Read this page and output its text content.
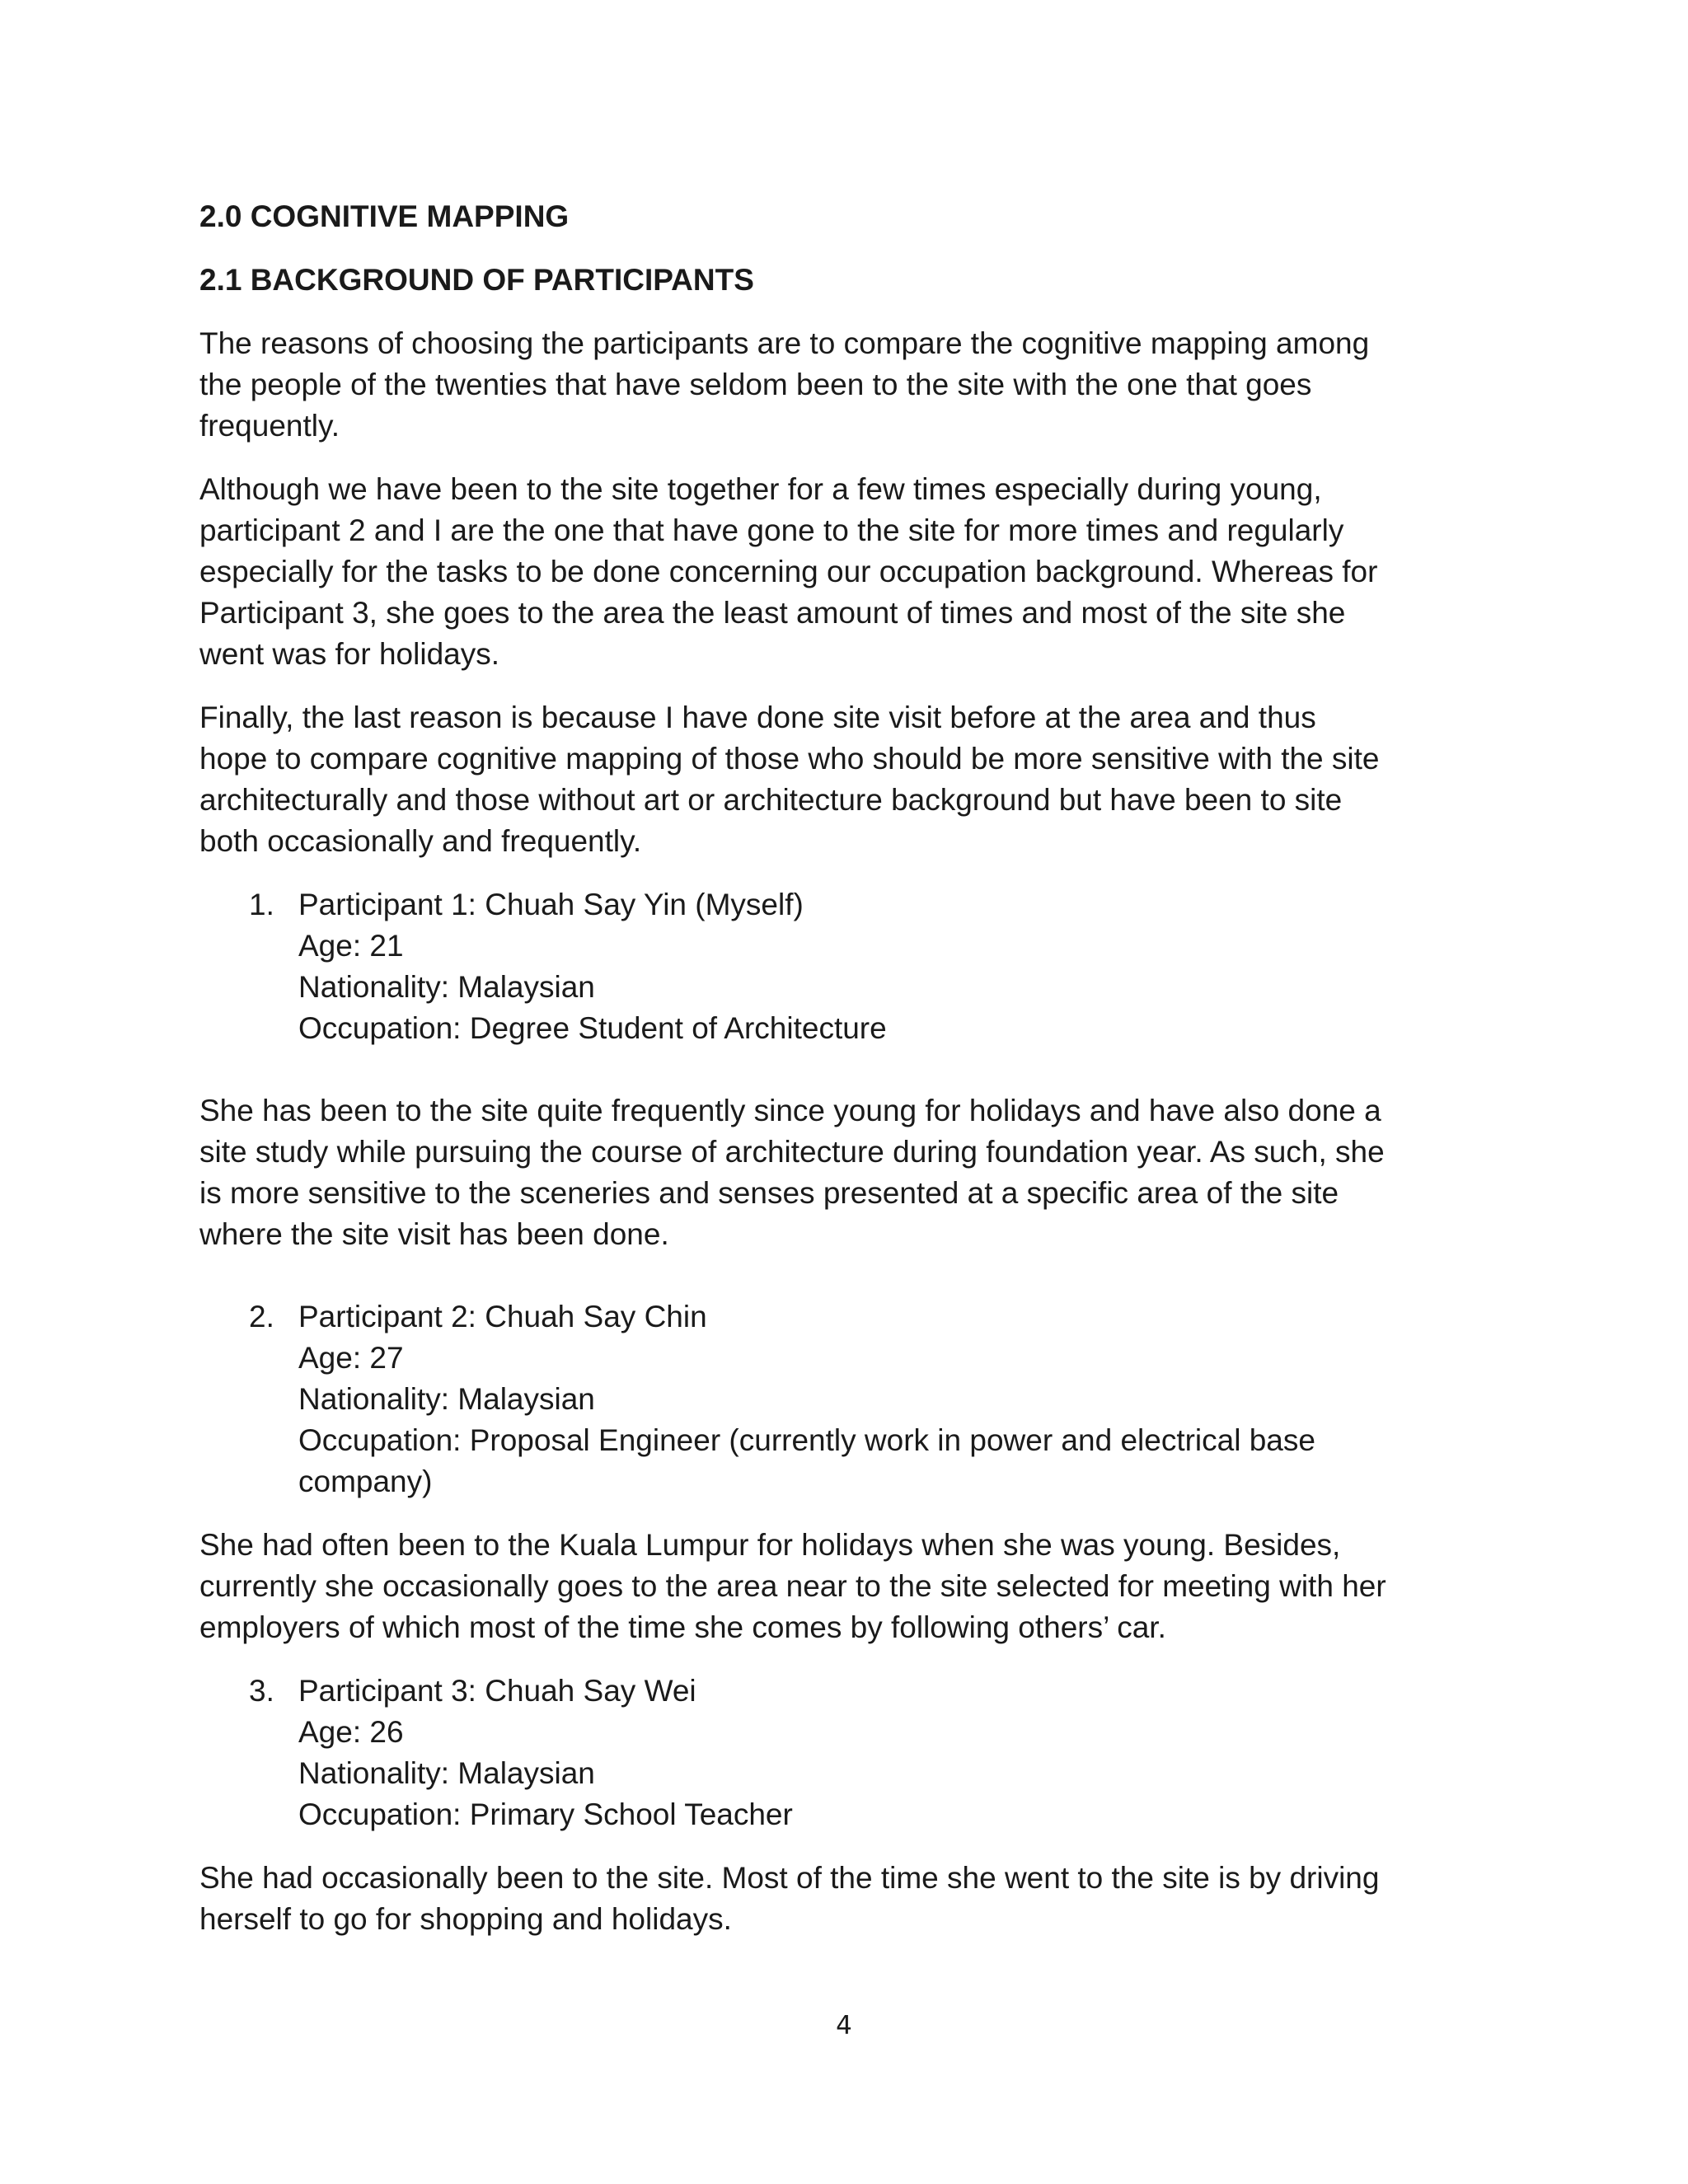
2.0 COGNITIVE MAPPING
2.1 BACKGROUND OF PARTICIPANTS
The reasons of choosing the participants are to compare the cognitive mapping among
the people of the twenties that have seldom been to the site with the one that goes
frequently.
Although we have been to the site together for a few times especially during young,
participant 2 and I are the one that have gone to the site for more times and regularly
especially for the tasks to be done concerning our occupation background. Whereas for
Participant 3, she goes to the area the least amount of times and most of the site she
went was for holidays.
Finally, the last reason is because I have done site visit before at the area and thus
hope to compare cognitive mapping of those who should be more sensitive with the site
architecturally and those without art or architecture background but have been to site
both occasionally and frequently.
1. Participant 1: Chuah Say Yin (Myself)
Age: 21
Nationality: Malaysian
Occupation: Degree Student of Architecture
She has been to the site quite frequently since young for holidays and have also done a
site study while pursuing the course of architecture during foundation year. As such, she
is more sensitive to the sceneries and senses presented at a specific area of the site
where the site visit has been done.
2. Participant 2: Chuah Say Chin
Age: 27
Nationality: Malaysian
Occupation: Proposal Engineer (currently work in power and electrical base
company)
She had often been to the Kuala Lumpur for holidays when she was young. Besides,
currently she occasionally goes to the area near to the site selected for meeting with her
employers of which most of the time she comes by following others’ car.
3. Participant 3: Chuah Say Wei
Age: 26
Nationality: Malaysian
Occupation: Primary School Teacher
She had occasionally been to the site. Most of the time she went to the site is by driving
herself to go for shopping and holidays.
4
